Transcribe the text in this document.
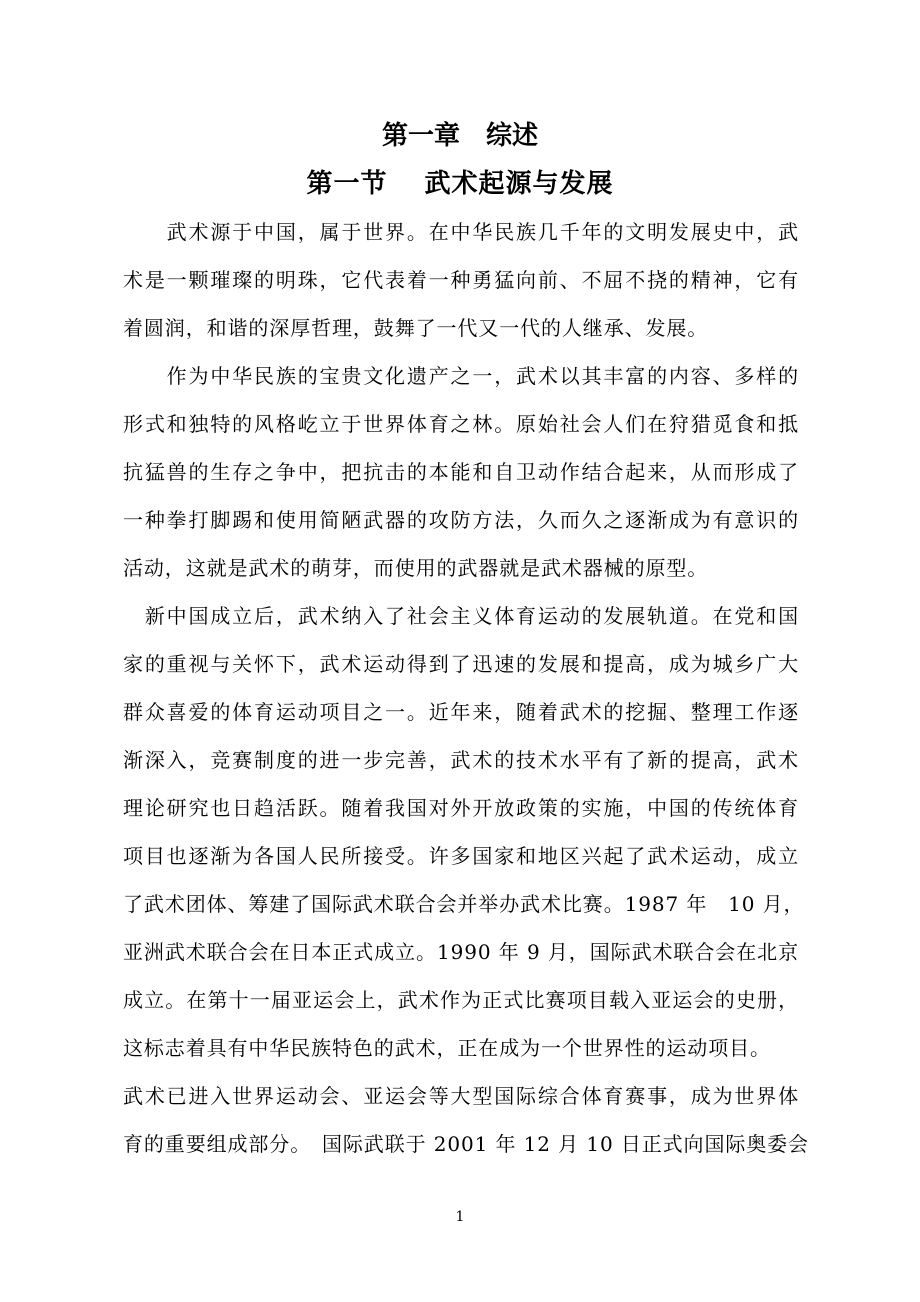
第一章　综述
第一节　 武术起源与发展

　　武术源于中国，属于世界。在中华民族几千年的文明发展史中，武
术是一颗璀璨的明珠，它代表着一种勇猛向前、不屈不挠的精神，它有
着圆润，和谐的深厚哲理，鼓舞了一代又一代的人继承、发展。

　　作为中华民族的宝贵文化遗产之一，武术以其丰富的内容、多样的
形式和独特的风格屹立于世界体育之林。原始社会人们在狩猎觅食和抵
抗猛兽的生存之争中，把抗击的本能和自卫动作结合起来，从而形成了
一种拳打脚踢和使用简陋武器的攻防方法，久而久之逐渐成为有意识的
活动，这就是武术的萌芽，而使用的武器就是武术器械的原型。

　新中国成立后，武术纳入了社会主义体育运动的发展轨道。在党和国
家的重视与关怀下，武术运动得到了迅速的发展和提高，成为城乡广大
群众喜爱的体育运动项目之一。近年来，随着武术的挖掘、整理工作逐
渐深入，竞赛制度的进一步完善，武术的技术水平有了新的提高，武术
理论研究也日趋活跃。随着我国对外开放政策的实施，中国的传统体育
项目也逐渐为各国人民所接受。许多国家和地区兴起了武术运动，成立
了武术团体、筹建了国际武术联合会并举办武术比赛。1987 年　10 月，
亚洲武术联合会在日本正式成立。1990 年 9 月，国际武术联合会在北京
成立。在第十一届亚运会上，武术作为正式比赛项目载入亚运会的史册，
这标志着具有中华民族特色的武术，正在成为一个世界性的运动项目。
武术已进入世界运动会、亚运会等大型国际综合体育赛事，成为世界体
育的重要组成部分。　国际武联于 2001 年 12 月 10 日正式向国际奥委会

1
